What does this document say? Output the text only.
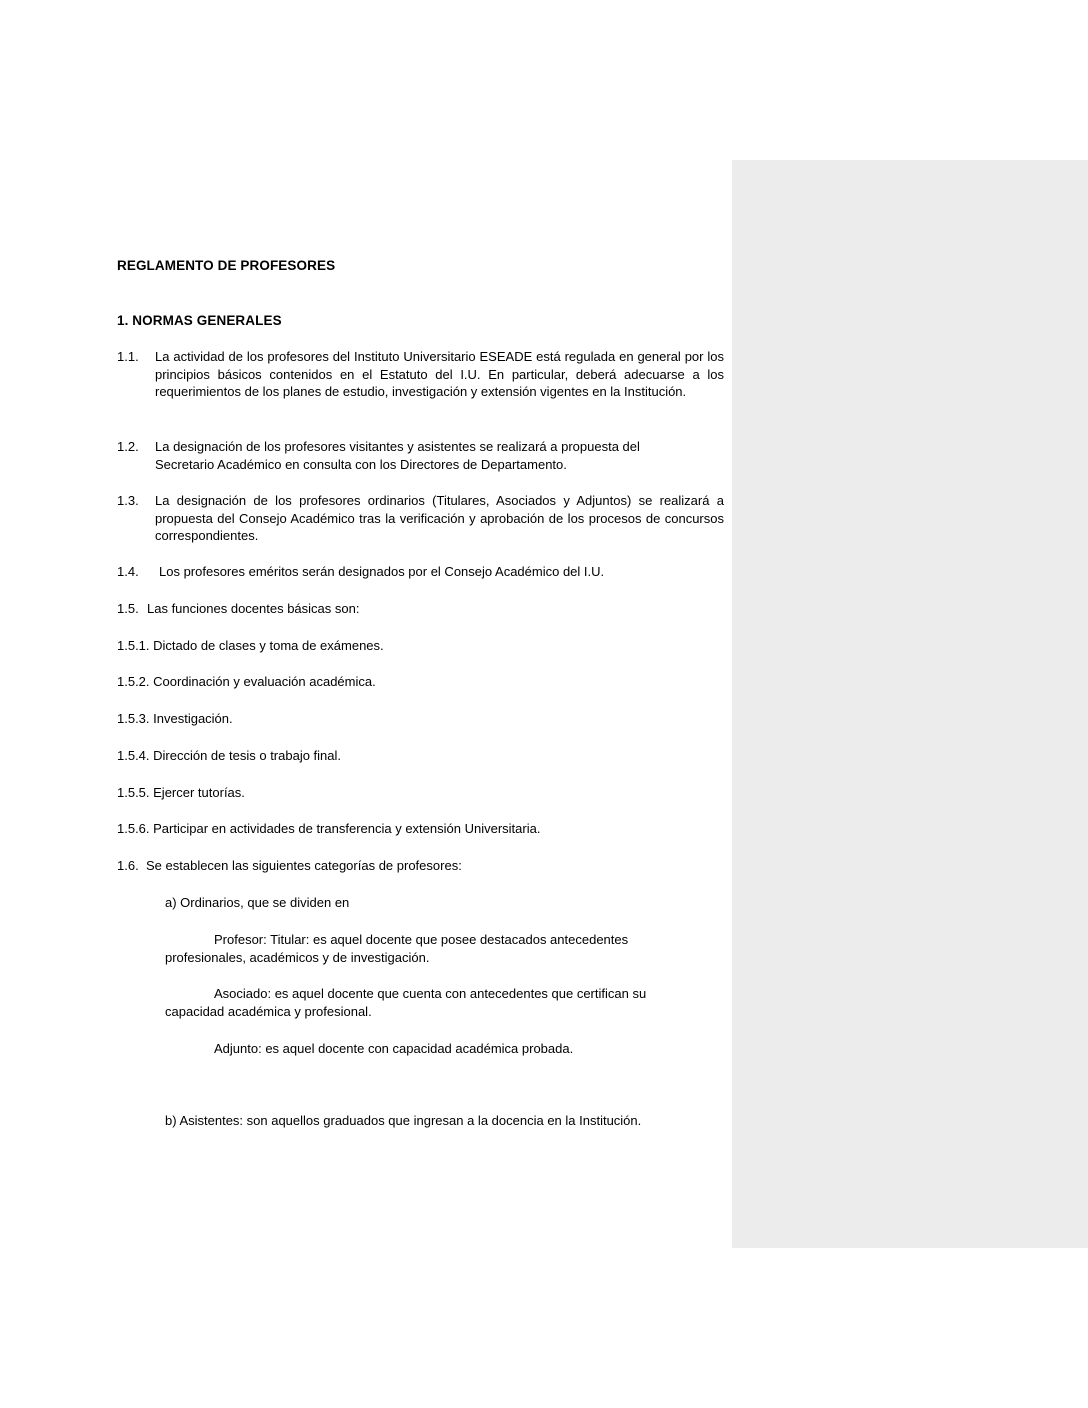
REGLAMENTO DE PROFESORES

1. NORMAS GENERALES

1.1.	La actividad de los profesores del Instituto Universitario ESEADE está regulada en general por los principios básicos contenidos en el Estatuto del I.U. En particular, deberá adecuarse a los requerimientos de los planes de estudio, investigación y extensión vigentes en la Institución.
1.2.	La designación de los profesores visitantes y asistentes se realizará a propuesta del Secretario Académico en consulta con los Directores de Departamento.
1.3.	La designación de los profesores ordinarios (Titulares, Asociados y Adjuntos) se realizará a propuesta del Consejo Académico tras la verificación y aprobación de los procesos de concursos correspondientes.
1.4.	Los profesores eméritos serán designados por el Consejo Académico del I.U.
1.5. Las funciones docentes básicas son:

1.5.1. Dictado de clases y toma de exámenes.

1.5.2. Coordinación y evaluación académica.

1.5.3. Investigación.

1.5.4. Dirección de tesis o trabajo final.

1.5.5. Ejercer tutorías.

1.5.6. Participar en actividades de transferencia y extensión Universitaria.

1.6. Se establecen las siguientes categorías de profesores:

a) Ordinarios, que se dividen en

Profesor: Titular: es aquel docente que posee destacados antecedentes profesionales, académicos y de investigación.

Asociado: es aquel docente que cuenta con antecedentes que certifican su capacidad académica y profesional.

Adjunto: es aquel docente con capacidad académica probada.

b) Asistentes: son aquellos graduados que ingresan a la docencia en la Institución.
